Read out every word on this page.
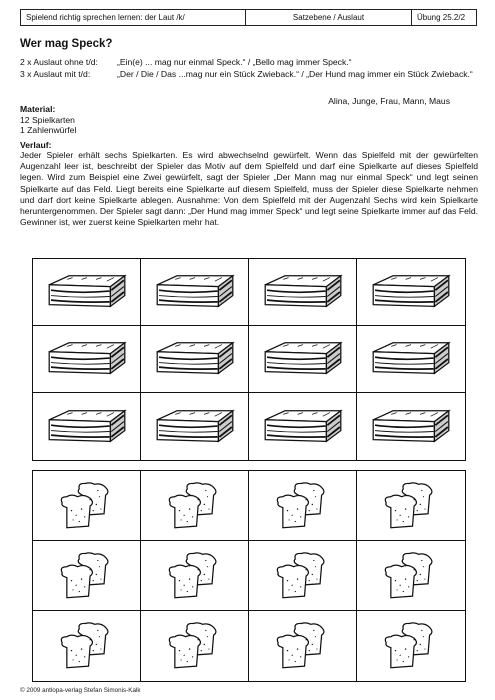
Spielend richtig sprechen lernen: der Laut /k/	Satzebene / Auslaut	Übung 25.2/2
Wer mag Speck?
2 x Auslaut ohne t/d: „Ein(e) ... mag nur einmal Speck.“ / „Bello mag immer Speck.“
3 x Auslaut mit t/d:	„Der / Die / Das ...mag nur ein Stück Zwieback.“ / „Der Hund mag immer ein Stück Zwieback.“
Alina, Junge, Frau, Mann, Maus
Material:
12 Spielkarten
1 Zahlenwürfel
Verlauf:
Jeder Spieler erhält sechs Spielkarten. Es wird abwechselnd gewürfelt. Wenn das Spielfeld mit der gewürfelten Augenzahl leer ist, beschreibt der Spieler das Motiv auf dem Spielfeld und darf eine Spielkarte auf dieses Spielfeld legen. Wird zum Beispiel eine Zwei gewürfelt, sagt der Spieler „Der Mann mag nur einmal Speck“ und legt seinen Spielkarte auf das Feld. Liegt bereits eine Spielkarte auf diesem Spielfeld, muss der Spieler diese Spielkarte nehmen und darf dort keine Spielkarte ablegen. Ausnahme: Von dem Spielfeld mit der Augenzahl Sechs wird kein Spielkarte heruntergenommen. Der Spieler sagt dann: „Der Hund mag immer Speck“ und legt seine Spielkarte immer auf das Feld. Gewinner ist, wer zuerst keine Spielkarten mehr hat.
© 2009 antlopa-verlag Stefan Simonis-Kalk
